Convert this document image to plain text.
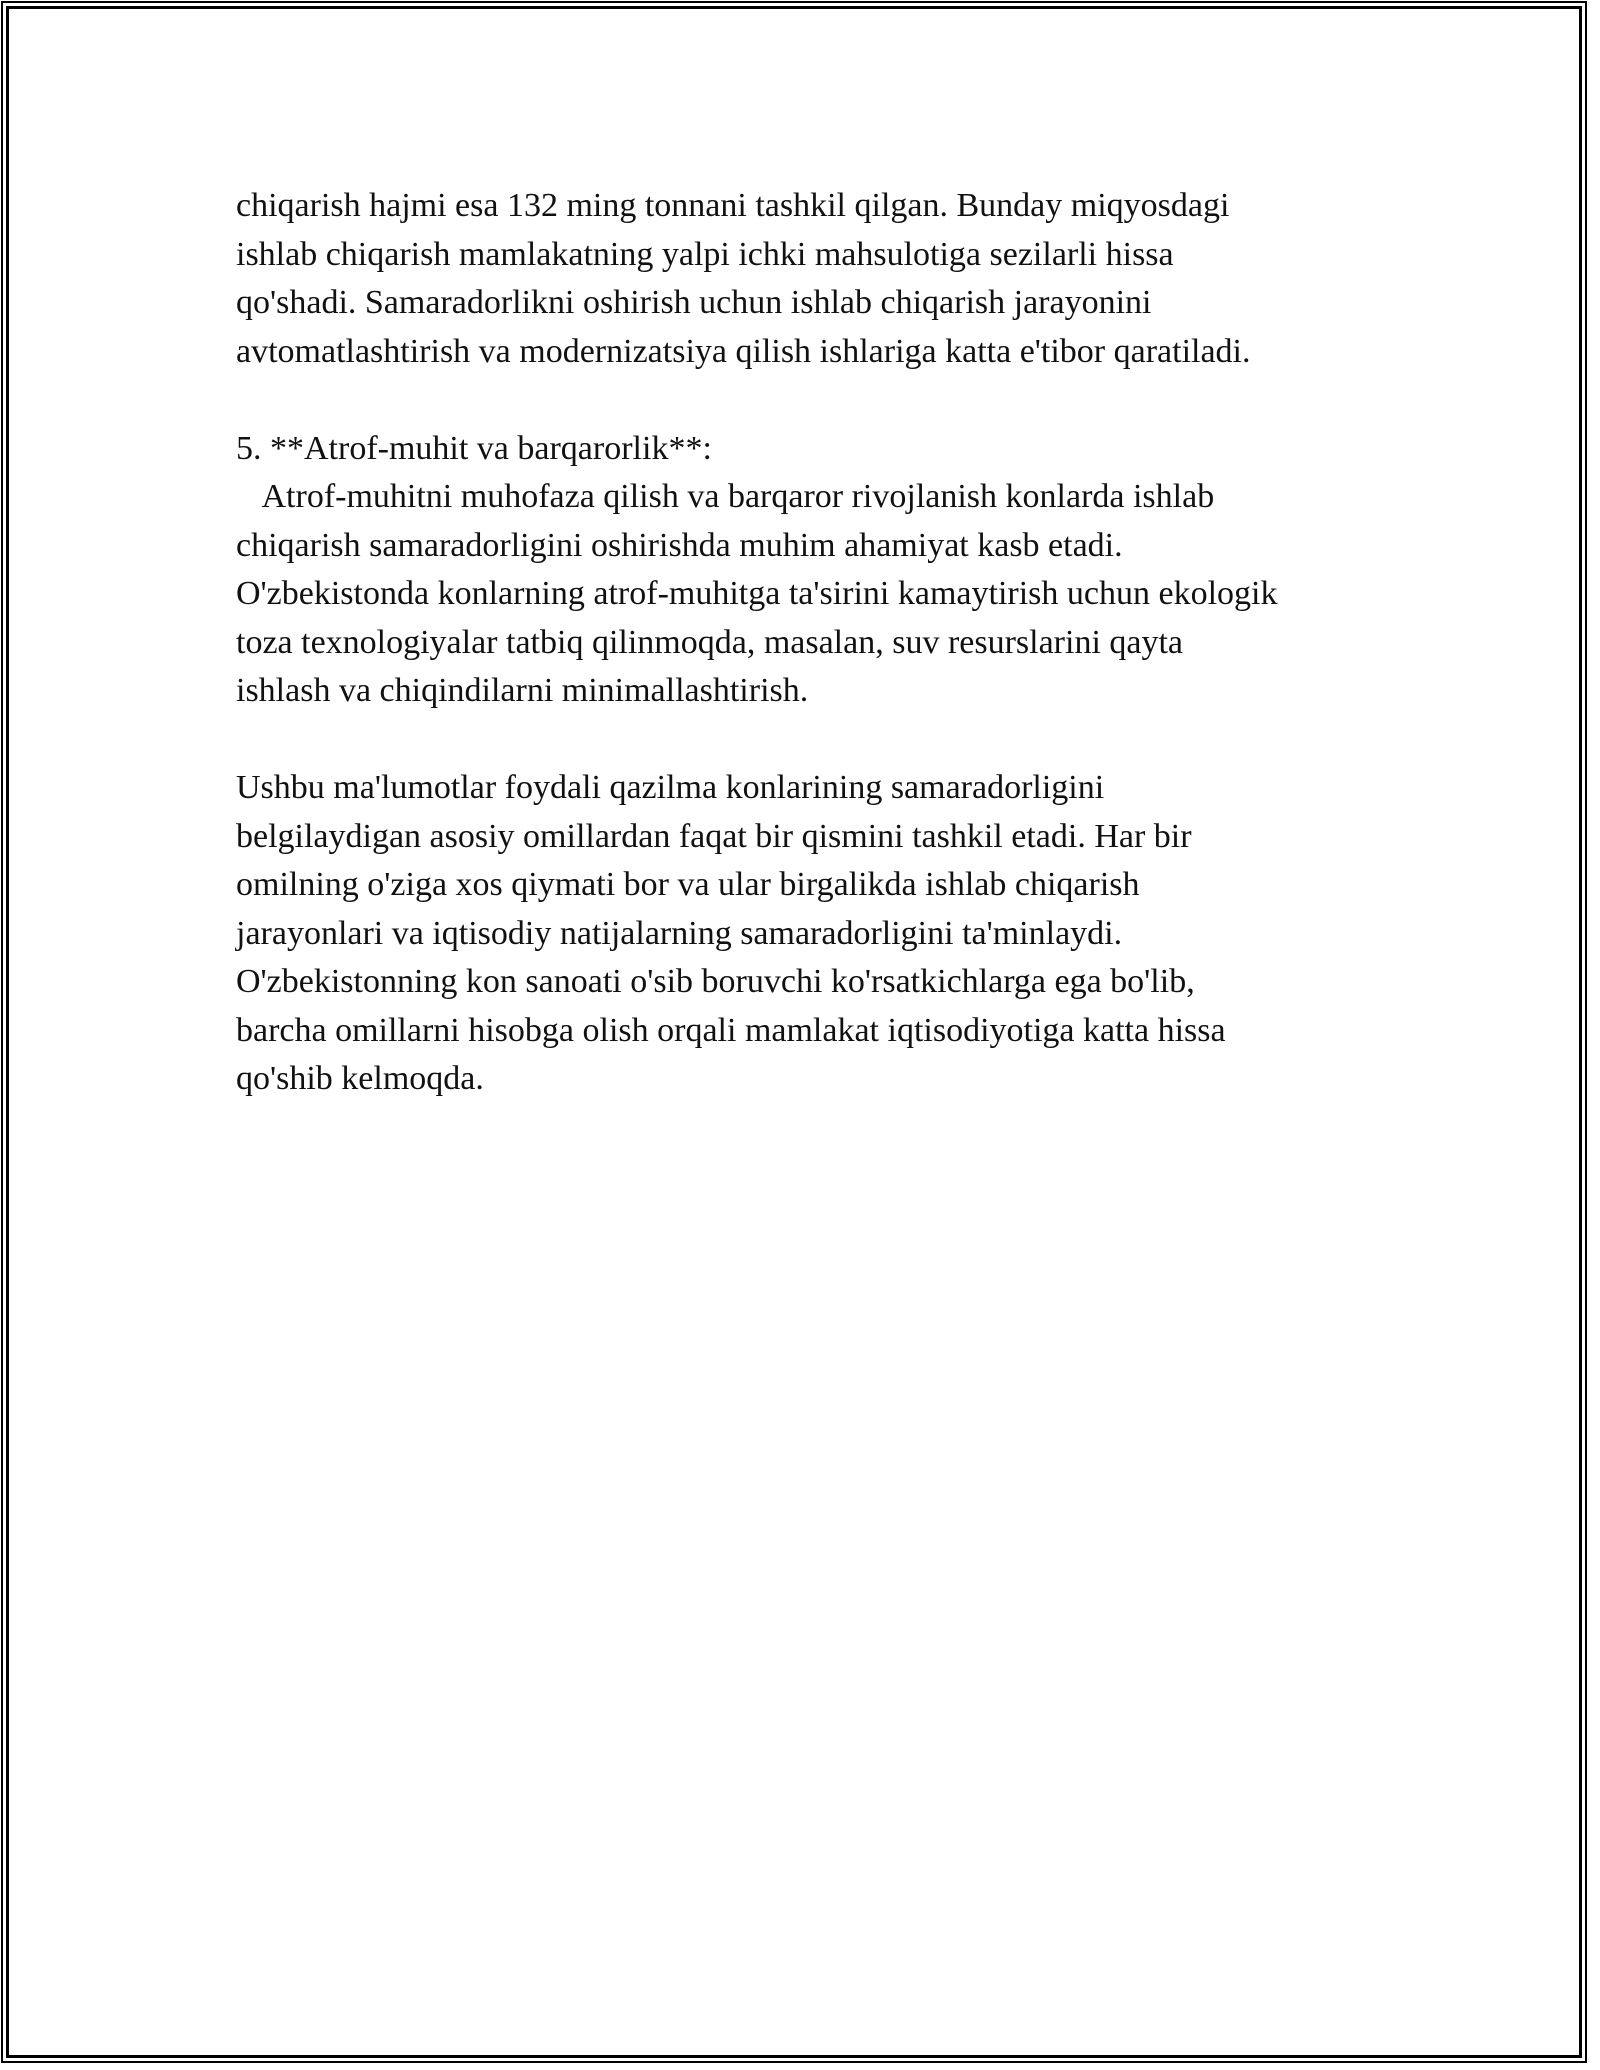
chiqarish hajmi esa 132 ming tonnani tashkil qilgan. Bunday miqyosdagi
ishlab chiqarish mamlakatning yalpi ichki mahsulotiga sezilarli hissa
qo'shadi. Samaradorlikni oshirish uchun ishlab chiqarish jarayonini
avtomatlashtirish va modernizatsiya qilish ishlariga katta e'tibor qaratiladi.

5. **Atrof-muhit va barqarorlik**:

Atrof-muhitni muhofaza qilish va barqaror rivojlanish konlarda ishlab
chiqarish samaradorligini oshirishda muhim ahamiyat kasb etadi.
O'zbekistonda konlarning atrof-muhitga ta'sirini kamaytirish uchun ekologik
toza texnologiyalar tatbiq qilinmoqda, masalan, suv resurslarini qayta
ishlash va chiqindilarni minimallashtirish.

Ushbu ma'lumotlar foydali qazilma konlarining samaradorligini
belgilaydigan asosiy omillardan faqat bir qismini tashkil etadi. Har bir
omilning o'ziga xos qiymati bor va ular birgalikda ishlab chiqarish
jarayonlari va iqtisodiy natijalarning samaradorligini ta'minlaydi.
O'zbekistonning kon sanoati o'sib boruvchi ko'rsatkichlarga ega bo'lib,
barcha omillarni hisobga olish orqali mamlakat iqtisodiyotiga katta hissa
qo'shib kelmoqda.
